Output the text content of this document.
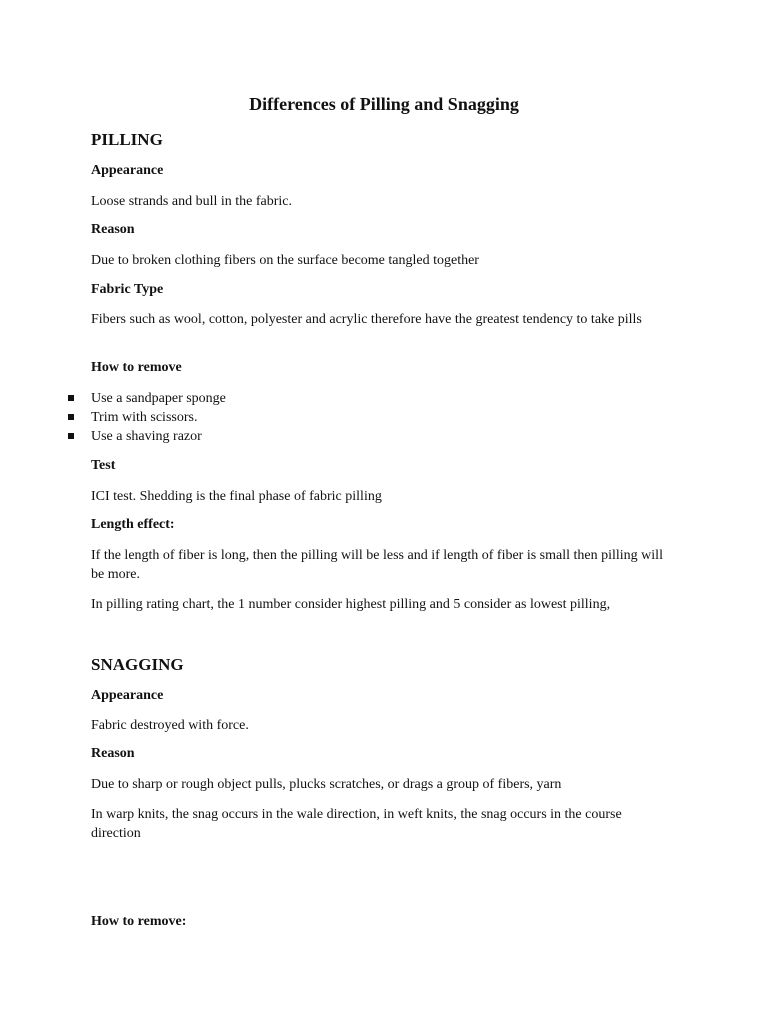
Differences of Pilling and Snagging
PILLING
Appearance
Loose strands and bull in the fabric.
Reason
Due to broken clothing fibers on the surface become tangled together
Fabric Type
Fibers such as wool, cotton, polyester and acrylic therefore have the greatest tendency to take pills
How to remove
Use a sandpaper sponge
Trim with scissors.
Use a shaving razor
Test
ICI test. Shedding is the final phase of fabric pilling
Length effect:
If the length of fiber is long, then the pilling will be less and if length of fiber is small then pilling will be more.
In pilling rating chart, the 1 number consider highest pilling and 5 consider as lowest pilling,
SNAGGING
Appearance
Fabric destroyed with force.
Reason
Due to sharp or rough object pulls, plucks scratches, or drags a group of fibers, yarn
In warp knits, the snag occurs in the wale direction, in weft knits, the snag occurs in the course direction
How to remove:
